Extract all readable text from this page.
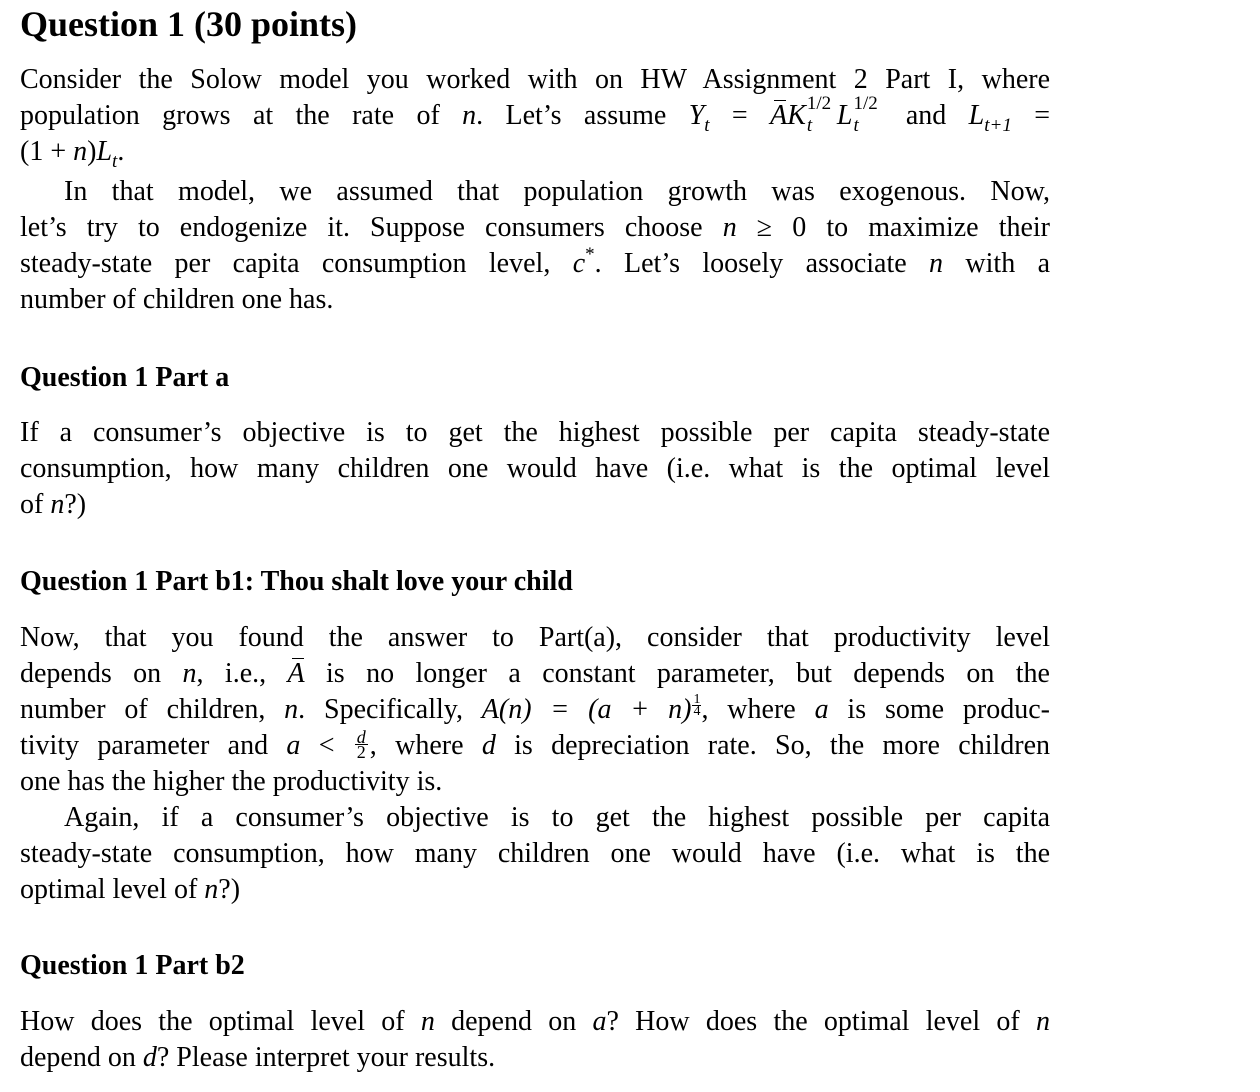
Question 1 (30 points)
Consider the Solow model you worked with on HW Assignment 2 Part I, where
population grows at the rate of n. Let’s assume $Y_t$ = AK 1/2
t L 1/2
t and $L_{t+1}$ =
$(1 + n)L_t$.
In that model, we assumed that population growth was exogenous. Now,
let’s try to endogenize it. Suppose consumers choose n ≥ 0 to maximize their
steady-state per capita consumption level, c*. Let’s loosely associate n with a
number of children one has.
Question 1 Part a
If a consumer’s objective is to get the highest possible per capita steady-state
consumption, how many children one would have (i.e. what is the optimal level
of n?)
Question 1 Part b1: Thou shalt love your child
Now, that you found the answer to Part(a), consider that productivity level
depends on n, i.e., A is no longer a constant parameter, but depends on the
number of children, n. Specifically, $A(n) = (a + n) \frac{1}{4}$ , where a is some produc-
tivity parameter and $a < \frac{d}{2}$ , where d is depreciation rate. So, the more children
one has the higher the productivity is.
Again, if a consumer’s objective is to get the highest possible per capita
steady-state consumption, how many children one would have (i.e. what is the
optimal level of n?)
Question 1 Part b2
How does the optimal level of n depend on a? How does the optimal level of n
depend on d? Please interpret your results.
